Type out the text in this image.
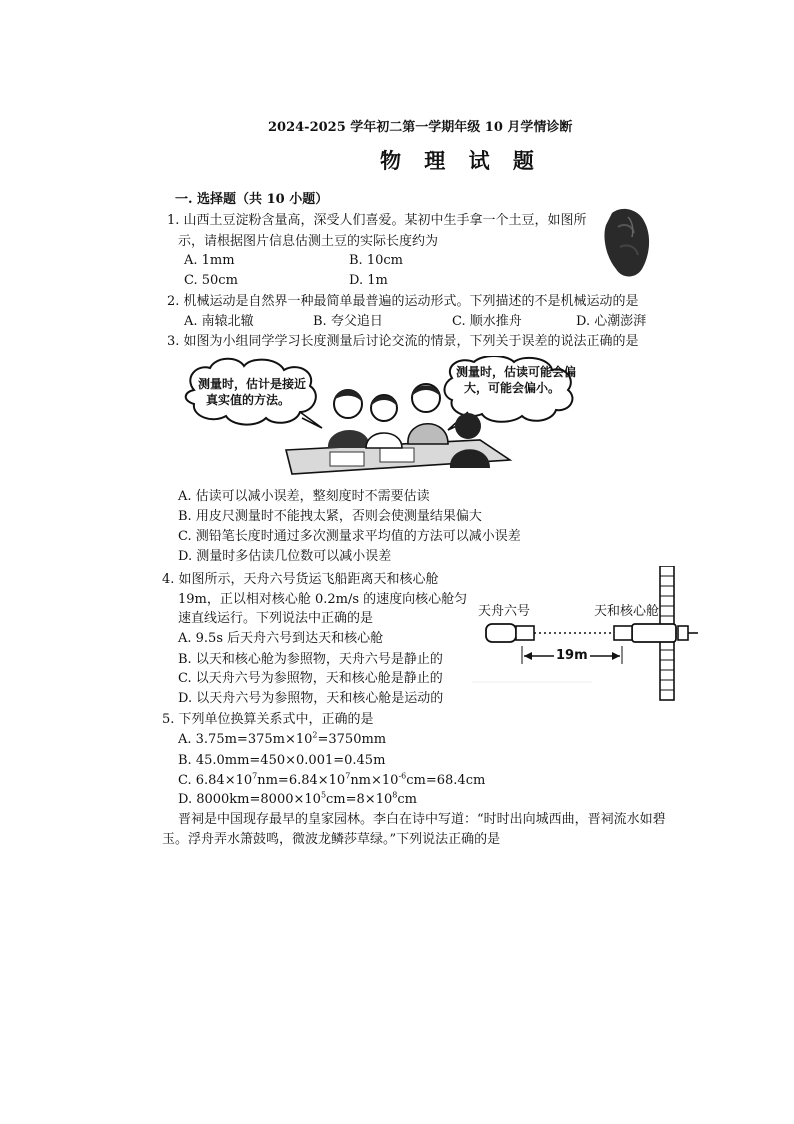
2024-2025 学年初二第一学期年级 10 月学情诊断
物 理 试 题
一. 选择题（共 10 小题）
1. 山西土豆淀粉含量高，深受人们喜爱。某初中生手拿一个土豆，如图所
示，请根据图片信息估测土豆的实际长度约为
A. 1mm	B. 10cm
C. 50cm	D. 1m
2. 机械运动是自然界一种最简单最普遍的运动形式。下列描述的不是机械运动的是
A. 南辕北辙	B. 夸父追日	C. 顺水推舟	D. 心潮澎湃
3. 如图为小组同学学习长度测量后讨论交流的情景，下列关于误差的说法正确的是
测量时，估计是接近
真实值的方法。
测量时，估读可能会偏
大，可能会偏小。
A. 估读可以减小误差，整刻度时不需要估读
B. 用皮尺测量时不能拽太紧，否则会使测量结果偏大
C. 测铅笔长度时通过多次测量求平均值的方法可以减小误差
D. 测量时多估读几位数可以减小误差
4. 如图所示，天舟六号货运飞船距离天和核心舱
19m，正以相对核心舱 0.2m/s 的速度向核心舱匀
速直线运行。下列说法中正确的是
A. 9.5s 后天舟六号到达天和核心舱
B. 以天和核心舱为参照物，天舟六号是静止的
C. 以天舟六号为参照物，天和核心舱是静止的
D. 以天舟六号为参照物，天和核心舱是运动的
天舟六号	天和核心舱
19m
5. 下列单位换算关系式中，正确的是
A. $3.75m=375m\times 10^2=3750mm$
B. 45.0mm=450×0.001=0.45m
C. $6.84\times 10^7nm=6.84\times 10^7nm\times 10^{-6}cm=68.4cm$
D. $8000km=8000\times 10^5cm=8\times 10^8cm$
晋祠是中国现存最早的皇家园林。李白在诗中写道：“时时出向城西曲，晋祠流水如碧
玉。浮舟弄水箫鼓鸣，微波龙鳞莎草绿。”下列说法正确的是
